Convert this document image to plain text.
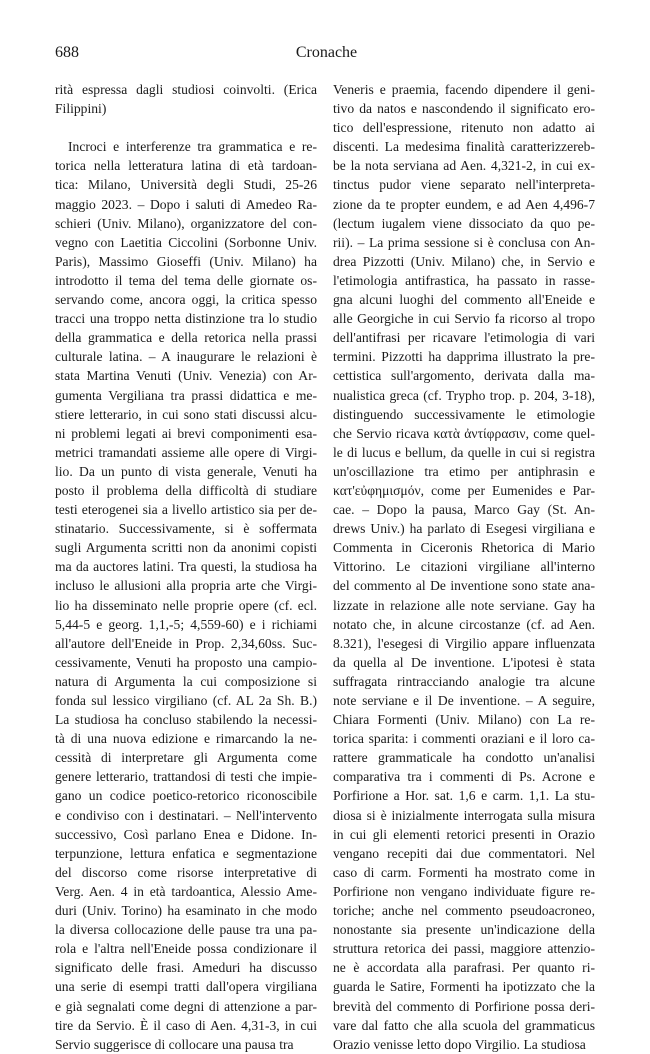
688	Cronache
rità espressa dagli studiosi coinvolti. (Erica
Filippini)
Incroci e interferenze tra grammatica e re-
torica nella letteratura latina di età tardoan-
tica: Milano, Università degli Studi, 25-26
maggio 2023. – Dopo i saluti di Amedeo Ra-
schieri (Univ. Milano), organizzatore del con-
vegno con Laetitia Ciccolini (Sorbonne Univ.
Paris), Massimo Gioseffi (Univ. Milano) ha
introdotto il tema del tema delle giornate os-
servando come, ancora oggi, la critica spesso
tracci una troppo netta distinzione tra lo studio
della grammatica e della retorica nella prassi
culturale latina. – A inaugurare le relazioni è
stata Martina Venuti (Univ. Venezia) con Ar-
gumenta Vergiliana tra prassi didattica e me-
stiere letterario, in cui sono stati discussi alcu-
ni problemi legati ai brevi componimenti esa-
metrici tramandati assieme alle opere di Virgi-
lio. Da un punto di vista generale, Venuti ha
posto il problema della difficoltà di studiare
testi eterogenei sia a livello artistico sia per de-
stinatario. Successivamente, si è soffermata
sugli Argumenta scritti non da anonimi copisti
ma da auctores latini. Tra questi, la studiosa ha
incluso le allusioni alla propria arte che Virgi-
lio ha disseminato nelle proprie opere (cf. ecl.
5,44-5 e georg. 1,1,-5; 4,559-60) e i richiami
all'autore dell'Eneide in Prop. 2,34,60ss. Suc-
cessivamente, Venuti ha proposto una campio-
natura di Argumenta la cui composizione si
fonda sul lessico virgiliano (cf. AL 2a Sh. B.)
La studiosa ha concluso stabilendo la necessi-
tà di una nuova edizione e rimarcando la ne-
cessità di interpretare gli Argumenta come
genere letterario, trattandosi di testi che impie-
gano un codice poetico-retorico riconoscibile
e condiviso con i destinatari. – Nell'intervento
successivo, Così parlano Enea e Didone. In-
terpunzione, lettura enfatica e segmentazione
del discorso come risorse interpretative di
Verg. Aen. 4 in età tardoantica, Alessio Ame-
duri (Univ. Torino) ha esaminato in che modo
la diversa collocazione delle pause tra una pa-
rola e l'altra nell'Eneide possa condizionare il
significato delle frasi. Ameduri ha discusso
una serie di esempi tratti dall'opera virgiliana
e già segnalati come degni di attenzione a par-
tire da Servio. È il caso di Aen. 4,31-3, in cui
Servio suggerisce di collocare una pausa tra
Veneris e praemia, facendo dipendere il geni-
tivo da natos e nascondendo il significato ero-
tico dell'espressione, ritenuto non adatto ai
discenti. La medesima finalità caratterizzereb-
be la nota serviana ad Aen. 4,321-2, in cui ex-
tinctus pudor viene separato nell'interpreta-
zione da te propter eundem, e ad Aen 4,496-7
(lectum iugalem viene dissociato da quo pe-
rii). – La prima sessione si è conclusa con An-
drea Pizzotti (Univ. Milano) che, in Servio e
l'etimologia antifrastica, ha passato in rasse-
gna alcuni luoghi del commento all'Eneide e
alle Georgiche in cui Servio fa ricorso al tropo
dell'antifrasi per ricavare l'etimologia di vari
termini. Pizzotti ha dapprima illustrato la pre-
cettistica sull'argomento, derivata dalla ma-
nualistica greca (cf. Trypho trop. p. 204, 3-18),
distinguendo successivamente le etimologie
che Servio ricava κατὰ ἀντίφρασιν, come quel-
le di lucus e bellum, da quelle in cui si registra
un'oscillazione tra etimo per antiphrasin e
κατ'εὐφημισμόν, come per Eumenides e Par-
cae. – Dopo la pausa, Marco Gay (St. An-
drews Univ.) ha parlato di Esegesi virgiliana e
Commenta in Ciceronis Rhetorica di Mario
Vittorino. Le citazioni virgiliane all'interno
del commento al De inventione sono state ana-
lizzate in relazione alle note serviane. Gay ha
notato che, in alcune circostanze (cf. ad Aen.
8.321), l'esegesi di Virgilio appare influenzata
da quella al De inventione. L'ipotesi è stata
suffragata rintracciando analogie tra alcune
note serviane e il De inventione. – A seguire,
Chiara Formenti (Univ. Milano) con La re-
torica sparita: i commenti oraziani e il loro ca-
rattere grammaticale ha condotto un'analisi
comparativa tra i commenti di Ps. Acrone e
Porfirione a Hor. sat. 1,6 e carm. 1,1. La stu-
diosa si è inizialmente interrogata sulla misura
in cui gli elementi retorici presenti in Orazio
vengano recepiti dai due commentatori. Nel
caso di carm. Formenti ha mostrato come in
Porfirione non vengano individuate figure re-
toriche; anche nel commento pseudoacroneo,
nonostante sia presente un'indicazione della
struttura retorica dei passi, maggiore attenzio-
ne è accordata alla parafrasi. Per quanto ri-
guarda le Satire, Formenti ha ipotizzato che la
brevità del commento di Porfirione possa deri-
vare dal fatto che alla scuola del grammaticus
Orazio venisse letto dopo Virgilio. La studiosa
